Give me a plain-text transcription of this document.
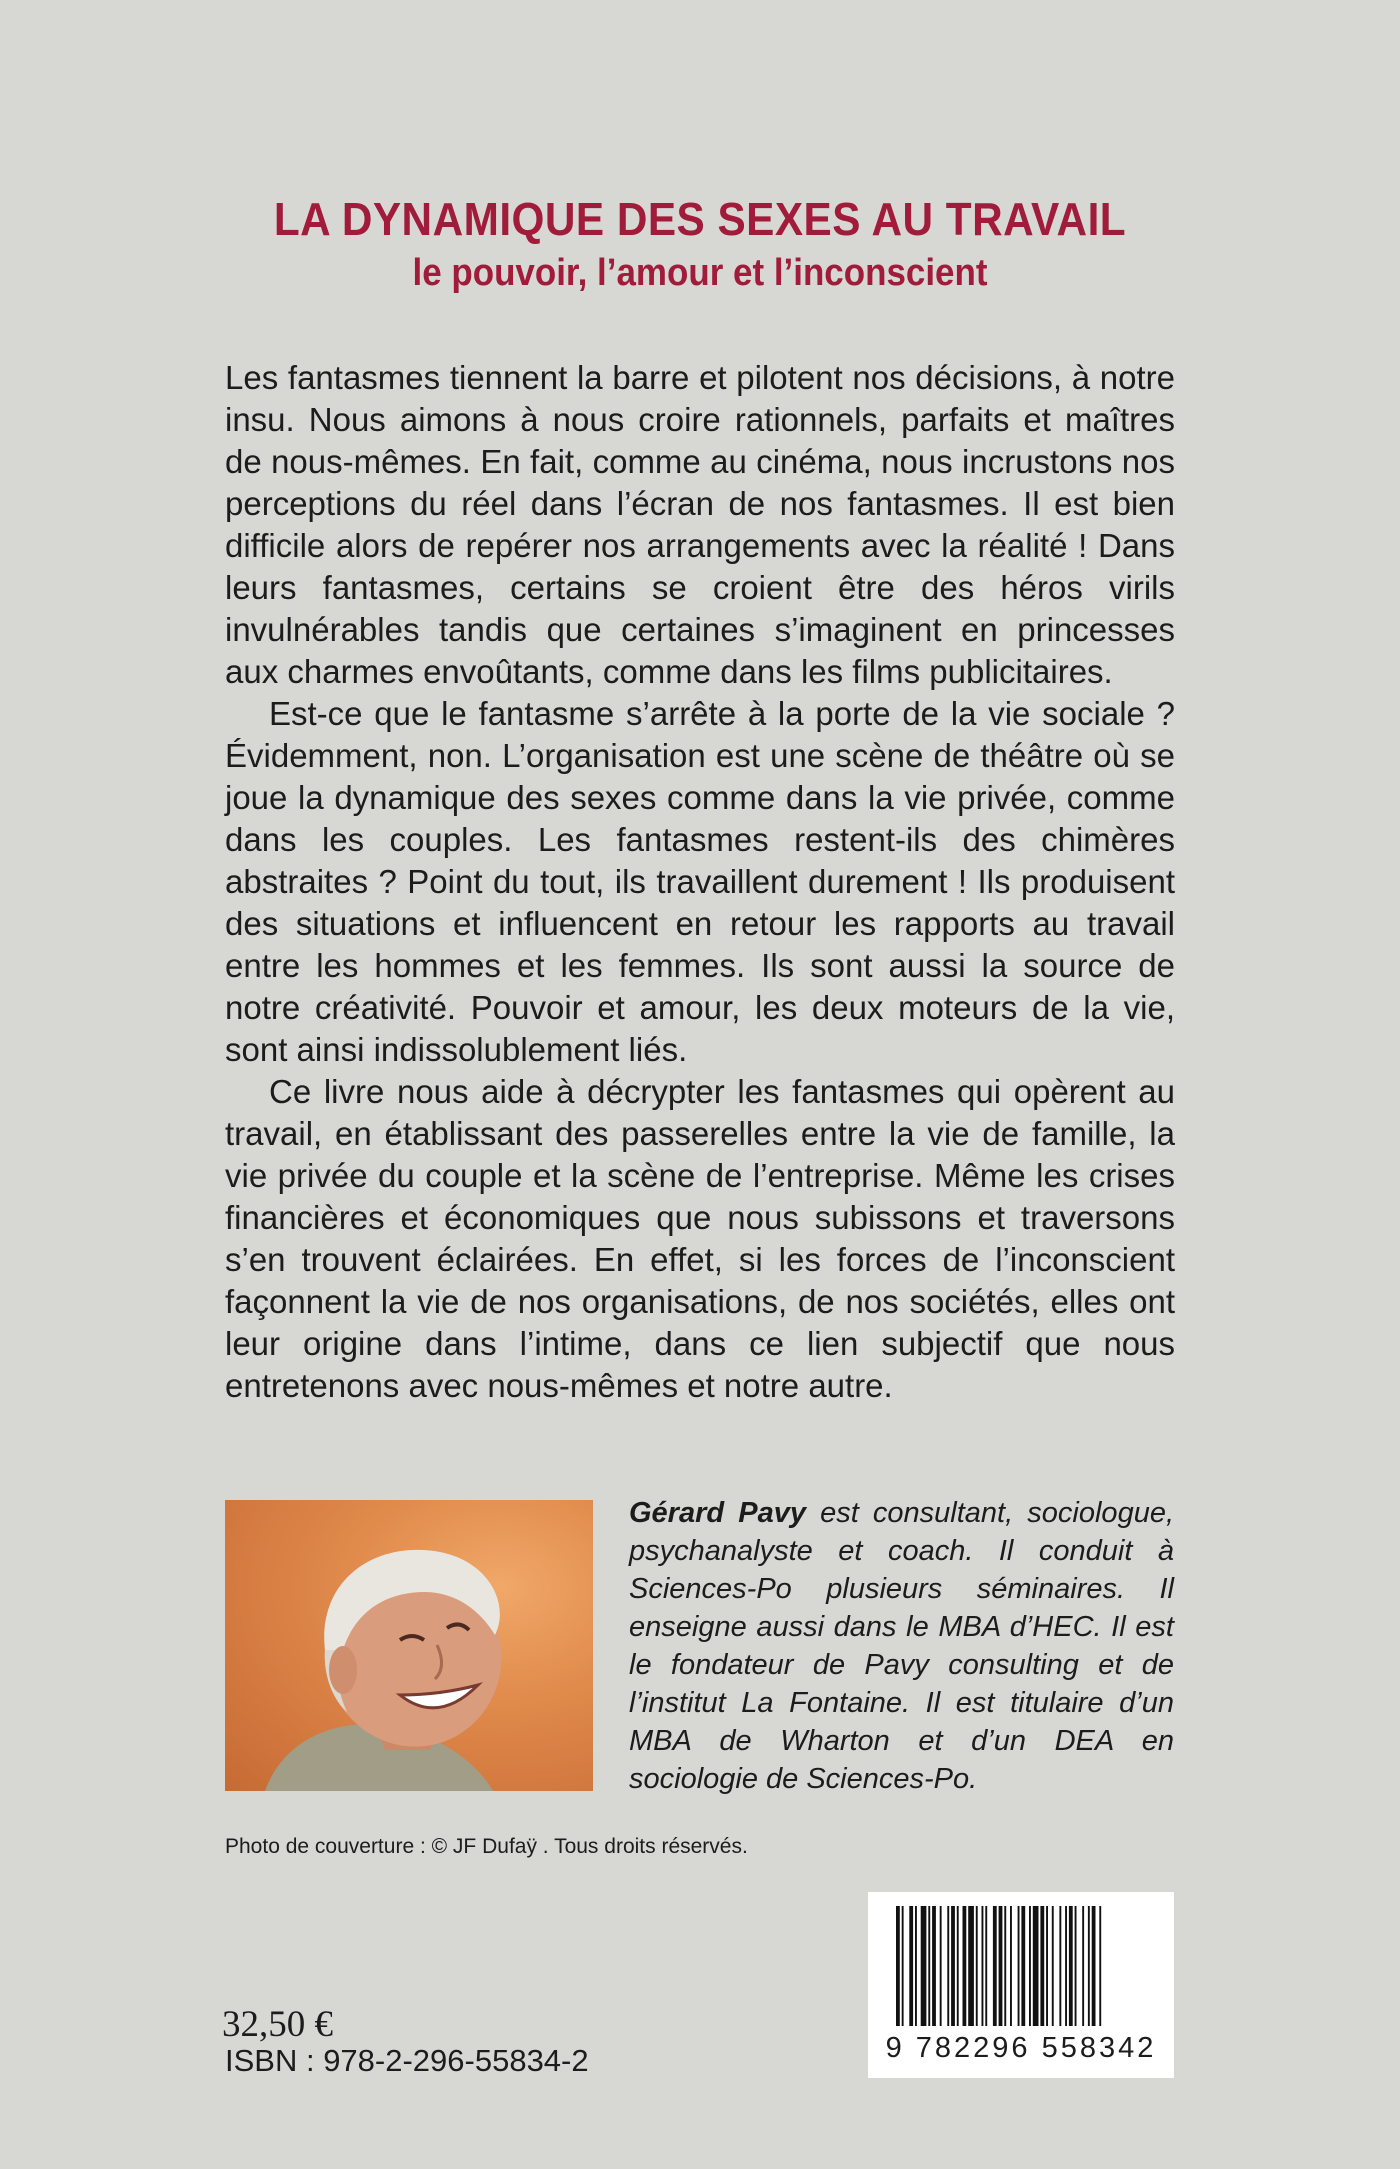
LA DYNAMIQUE DES SEXES AU TRAVAIL
le pouvoir, l’amour et l’inconscient

Les fantasmes tiennent la barre et pilotent nos décisions, à notre insu. Nous aimons à nous croire rationnels, parfaits et maîtres de nous-mêmes. En fait, comme au cinéma, nous incrustons nos perceptions du réel dans l’écran de nos fantasmes. Il est bien difficile alors de repérer nos arrangements avec la réalité ! Dans leurs fantasmes, certains se croient être des héros virils invulnérables tandis que certaines s’imaginent en princesses aux charmes envoûtants, comme dans les films publicitaires.

Est-ce que le fantasme s’arrête à la porte de la vie sociale ? Évidemment, non. L’organisation est une scène de théâtre où se joue la dynamique des sexes comme dans la vie privée, comme dans les couples. Les fantasmes restent-ils des chimères abstraites ? Point du tout, ils travaillent durement ! Ils produisent des situations et influencent en retour les rapports au travail entre les hommes et les femmes. Ils sont aussi la source de notre créativité. Pouvoir et amour, les deux moteurs de la vie, sont ainsi indissolublement liés.

Ce livre nous aide à décrypter les fantasmes qui opèrent au travail, en établissant des passerelles entre la vie de famille, la vie privée du couple et la scène de l’entreprise. Même les crises financières et économiques que nous subissons et traversons s’en trouvent éclairées. En effet, si les forces de l’inconscient façonnent la vie de nos organisations, de nos sociétés, elles ont leur origine dans l’intime, dans ce lien subjectif que nous entretenons avec nous-mêmes et notre autre.

Gérard Pavy est consultant, sociologue, psychanalyste et coach. Il conduit à Sciences-Po plusieurs séminaires. Il enseigne aussi dans le MBA d’HEC. Il est le fondateur de Pavy consulting et de l’institut La Fontaine. Il est titulaire d’un MBA de Wharton et d’un DEA en sociologie de Sciences-Po.

Photo de couverture : © JF Dufaÿ . Tous droits réservés.

32,50 €

ISBN : 978-2-296-55834-2	9 782296 558342
